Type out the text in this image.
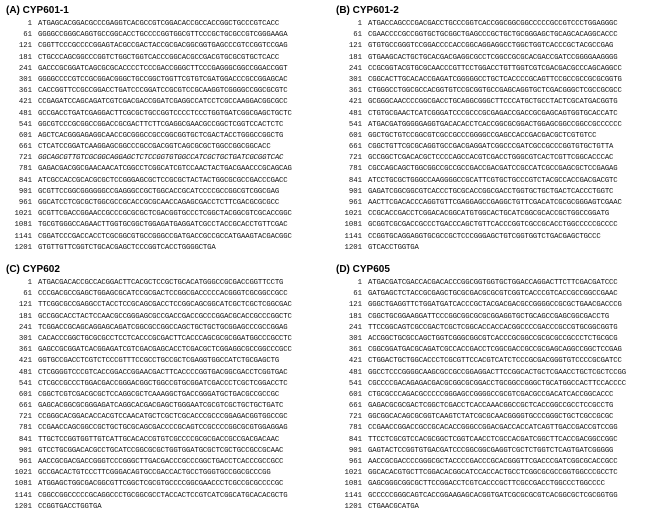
(A) CYP601-1
1 ATGAGCACGGACGCCCGAGGTCACGCCGTCGGACACCGCCACCGGCTGCCCGTCACC
61 GGGGCCGGGCAGGTGCCGGCACCTGCCCCGGTGGCGTTCCCGCTGCGCCGTCGGGAAGA
121 CGGTTCCCGCCCCGGAGTACGCCGACTACCGCGACGGCGGTGAGCCCGTCCGGTCCGAG
181 CTGCCCAGCGGCCCGGTCTGGCTGGTCACCCGGCACGCCGACGTGCGCGTGCTCACC
241 GACCCGCGGATCAGCGCGCACCCCTCCCGACCGGGCTTCCCGAGGGCGGCCGGACCGGT
301 GGGGCCCCGTCCGCGGACGGGCTGCCGGCTGGTTCGTGTCGATGGACCCGCCGGAGCAC
361 CACCGGTTCCGCCGGACCTGATCCCGGATCCGCGTCCGCAAGGTCGGGGCCGGCGCGTC
421 CCGAGATCCAGCAGATCGTCGACGACCGGATCGAGGCCATCCTCGCCAAGGACGGCGCC
481 GCCGACCTGATCGAGGACTTCGCGCTGCCGGTCCCCTCCCTGGTGATCGGCGAGCTGCTC
541 GGCGTCCCGCGGCCGGACCGCGACTTCTTCGAGGCGAACGCCGGCTCGGTCCACTCTC
601 AGCTCACGGGAGAGGCAACCGCGGGCCGCCGGCGGTGCTCGACTACCTGGGCCGGCTG
661 CTCATCCGGATCAAGGAGCGGCCCGCCGACGGTCAGCGCGCTGGCCGGCGGCACC
721 GGCAGCGTTGTCGCGGCAGGAGCTCTCCGGTGTGGCCATCGCTGCTGATCGCGGTCAC
781 GAGACGACGGCGAACAACATCGGCCTCGGCATCGTCCAACTACTGACGAACCCGCAGCAG
841 ATCGCCACCGCACGCGCTCCGGGAGCGCTCCGCGCTACTACTGGCGCGCCGACCCGACC
901 GCGTTCCGGCGGGGGGCCGAGGGCCGCTGGCACCGCATCCCCGCCGGCGTCGGCGAG
961 GGCATCCTCGCGCTGGCGCCGCACCGCGCAACCAGAGCGACCTCTTCGACGCGCGCC
1021 GCGTTCGACCGGAACCGCCCGCGCGCTCGACGGTGCCCTCGGCTACGGCGTCGCACCGGC
1081 TGCGTGGGCCAGAACTTGGTGCGGCTGGAGATGAGGATCGCCTACCGCACCTGTTCGAC
1141 CGGATCCCGACCACCTCGCGGCGTGCCGGGCCGATGACCGCCGCCATGAAGTACGACGGC
1201 GTGTTGTTCGGTCTGCACGAGCTCCCGGTCACCTGGGGCTGA
(B) CYP601-2
1 ATGACCAGCCCGACGACCTGCCCGGTCACCGGCGGCGGCCCCCGCCGTCCCTGGAGGGC
61 CGAACCCCGCCGGTGCTGCGGCTGAGCCCGCTGCTGCGGGAGCTGCAGCACAGGCACCC
121 GTGTGCCGGGTCCGGACCCCACCGGCAGGAGGCCTGGCTGGTCACCCGCTACGCCGAG
181 GTGAAGCACTGCTGCACGACGAGGCGCCTCGGCCGCGCACGACCGATCCGGGGAAGGGG
241 CCGCGGTACGTGCGCAACCCGTTCCTGGACCTGTTGGTCGTCGACGACGCCCAGCAGGCC
301 CGGCACTTGCACACCGAGATCGGGGGCCTGCTCACCCCGCAGTTCCGCCGCCGCGCGGTG
361 CTGGGCCTGGCGCCACGGTGTCCGCGGTGCCGAGCAGGTGCTCGACGGGCTCGCCGCGCC
421 GCGGGCAACCCCGGCGACCTGCAGGCGGGCTTCCCATGCTGCCTACTCGCATGACGGTG
481 CTGTGCGAACTCATCGGGATCCCGCCCGCGAGACCGACCGCGAGCAGTGGTGCACCATC
541 ATGACGATGGGGGAGGTGACACACCTCACCGGCGCGGACTGGAGCGGCCGGCCGCCCCCC
601 GGCTGCTGTCCGGCGTCGCCGCCCGGGGCCGAGCCACCGACGACGCTCGTGTCC
661 CGGCTGTTCGCGCAGGTGCCGACGAGGATCGGCCCGATCGCCGCCCGGTGTGCTGTTA
721 GCCGGCTCGACACGCTCCCCAGCCACGTCGACCTGGGCGTCACTCGTTCGGCACCCAC
781 CGCCAGCAGCTGGCGGCCGCCGCCGACCGACGATCCGCCATCGCCGAGCGCTCCGAGAG
841 ATCCTGCGCTGGGCCAAGGGGCCGCATTCGTGCTGCCCGTCTACGCCACCGACGACGTC
901 GAGATCGGCGGCGTCACCCTGCGCACCGGCGACCTGGTGCTGCTGACTCACCCTGGTC
961 AACTTCGACACCCAGGTGTTCGAGGAGCCGAGGCTGTTCGACATCGCGCGGGAGTCGAAC
1021 CCGCACCGACCTCGGACACGGCATGTGGCACTGCATCGGCGCACCGCTGGCCGGATG
1081 GCGGTCGCGACCGCCCTGACCCAGCTGTTCACCCGGTCGCCGCACCTGGCCCCCGCCCC
1141 CCGGTGCAGGAGGTGCGCCGCTCCCGGGAGCTGTCGGTGGTCTGACGAGCTGCCC
1201 GTCACCTGGTGA
(C) CYP602
1 ATGACGACACCGCCACGGACTTCACGCTCCGCTGCACATGGGCCGCGACCGGTTCCTG
61 CCCGACGCCGAGCTGGAGCGCATCCGCGACTCCGGCGACCCCCACGGGTCGCGGCCGCC
121 TTCGGCGCCGAGGCCTACCTCCGCAGCGACCTCCGGCAGCGGCATCGCTCGCTCGGCGAC
181 GCCGGCACCTACTCCAACGCCGGGAGCGCCGACCGACCGCCCGGACGCACCGCCCGGCTC
241 TCGGACCGCAGCAGGAGCAGATCGGCGCCGGCCAGCTGCTGCTGCGGAGCCCGCCGGAG
301 CACACCCGGCTGCGCGCCTCCTCACCCGCGACTTCACCCAGCGCGCGGATGGCCCGCCTC
361 GAGCCGCGGATCACGGAGATCGTCGACGAGCACCTCGACGCTCGGAGGCGCCGGCCCGCC
421 GGTGCCGACCTCGTCTCCCGTTTCCGCCTGCCGCTCGAGGTGGCCATCTGCGAGCTG
481 CTCGGGGTCCCGTCACCGGACCGGAACGACTTCACCCCGGTGACGGCGACCTCGGTGAC
541 CTCGCCGCCCTGGACGACCGGGACGGCTGGCCGTGCGGATCGACCCTCGCTCGGACCTC
601 CGGCTCGTCGACGCGCTCCAGGCGCTCAAAGGCTGACCGGGATGCTGACGCCGCCGC
661 GAGCACGGCGCGGGAGATCAGGCACGACGAGCTGGGAATCGCGTCGCTGCTGCTGATC
721 CCGGGCACGGACACCACGTCCAACATGCTCGCTCGCACCCGCCCGGAGACGGTGGCCGC
781 CCGAACCAGCGGCCGCTGCTGCGCAGCGACCCCGCAGTCCGCCCCGGCGCGTGGAGGAG
841 TTGCTCCGGTGGTTGTCATTGCACACCGTGTCGCCCCGCGCGACCGCCGACGACAAC
901 GTCCTGCGGACACGCCTGCATCCGGCGCGCTGGTGGATGCGCTCGCTGCCGCCGCAAC
961 AACCGCGACGACCGGGTCCCGGGCTTGACGACCCGCCCGGCTGACCTCACCCGCCGCC
1021 GCCGACACTGTCCCTTCGGGACAGTGCCGACCACTGCCTGGGTGCCGGCGCCCGG
1081 ATGGAGCTGGCGACGGCGTTCGGCTCGCGTGCCCCGGCGAACCCTCGCCGCGCCCCGC
1141 CGGCCGGCCCCCGCAGGCCCTGCGGCGCCTACCACTCCGTCATCGGCATGCACACGCTG
1201 CCGGTGACCTGGTGA
(D) CYP605
1 ATGACGATCGACCACGACACCCGGCGGTGGTGCTGGACCAGGACTTCTTCGACGATCCC
61 GATGAGCTCTACCGCGAGCTGCGCGACGCGCGTCGGTCACCCGTCACCGCCGGCCGAAC
121 GGGCTGAGGTTCTGGATGATCACCCGCTACGACGACGCCGGGGCCGCGCTGAACGACCCG
181 CGGCTGCGGAAGGATTCCCGGCGGCGCGCGGAGGTGCTGCAGCCGAGCGGCGACCTG
241 TTCCGGCAGTCGCCGACTCGCTCGGCACCACCACGGCCCCGACCCGCCGTGCGGCGGTG
301 ACCGGCTGCGCCAGCTGGTCGGGCGGCGTCACCCGCGGCCGCGCGCCGCCCTCTGCGCG
361 CGGCGGATGACGCAGATCGCCACCGACCTCGGCGACCGCCGCGAGCAGGCCGGCTCCGAG
421 CTGGACTGCTGGCACCCTCGCGTTCCACGTCATCTCCCGCGACGGGTGTCCCCGCGATCC
481 GGCCTCCCGGGGCAAGCGCCGCCGGAGGACTTCCGGCACTGCTCGAACCTGCTCGCTCCGG
541 CGCCCCGACAGAGACGACGCGGCGCGGACCTGCGGCCGGGCTGCATGGCCACTTCCACCCC
601 CTGCGCCCAGACGCCCCCGGGAGCCGGGGCCGCGTCGACGCCGACATCACCGGCACCC
661 GAGACGCGCGACTCGGCTCGACCTCACCAAACGGCCGCTCACCGGCCGCCTCCGCCTG
721 GGCGGCACAGCGCGGTCAAGTCTATCGCGCAACGGGGTGCCCGGGCTGCTCGCCGCGC
781 CCGAACCGGACCGCCGCACACCGGGCCGGACGACCACCATCAGTTGACCGACCGTCCGG
841 TTCCTCGCGTCCACGCGGCTCGGTCAACCTCGCCACGATCGGCTTCACCGACGGCCGGC
901 GAGTACTCCGGTGTGACGATCCCGGCGGCGAGGTCGCTCTGGTCTCAGTGATCGGGGG
961 AACCGCGACCCCGGGCGCTACCCCGACCCGCACGGGTTCGACCCGATCGGCGCACCGCC
1021 GGCACACGTGCTTCGGACACGGCATCCACCACTGCCTCGGCGCGCCGGTGGCCCGCCTC
1081 GAGCGGGCGGCGCTTCCGGACCTCGTCACCCGCTTCGCCGACCTGGCCCTGGCCCC
1141 GCCCCCGGGCAGTCACCGGAAGAGCACGGTGATCGCGCGCGTCACGGCGCTCGCGGTGG
1201 CTGAACGCATGA
